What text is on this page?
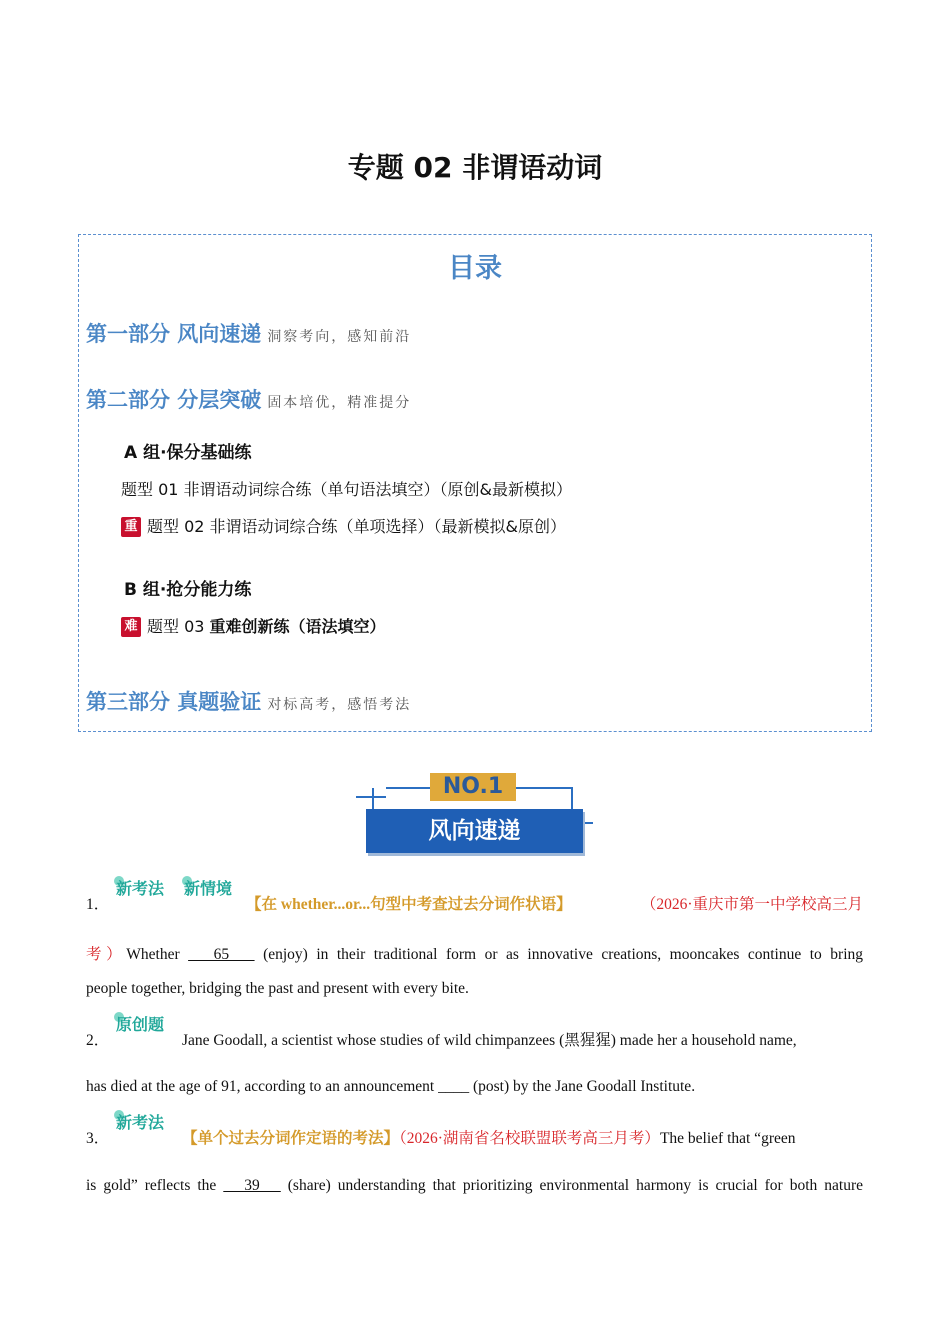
专题 02 非谓语动词
目录
第一部分 风向速递 洞察考向，感知前沿
第二部分 分层突破 固本培优，精准提分
A 组·保分基础练
题型 01 非谓语动词综合练（单句语法填空）（原创&最新模拟）
重 题型 02 非谓语动词综合练（单项选择）（最新模拟&原创）
B 组·抢分能力练
难 题型 03 重难创新练（语法填空）
第三部分 真题验证 对标高考，感悟考法
NO.1
风向速递
1．
新考法 新情境
【在 whether...or...句型中考查过去分词作状语】	（2026·重庆市第一中学校高三月
考）Whether    65    (enjoy) in their traditional form or as innovative creations, mooncakes continue to bring
people together, bridging the past and present with every bite.
2．
原创题
Jane Goodall, a scientist whose studies of wild chimpanzees (黑猩猩) made her a household name,
has died at the age of 91, according to an announcement ____ (post) by the Jane Goodall Institute.
3．
新考法
【单个过去分词作定语的考法】（2026·湖南省名校联盟联考高三月考）The belief that “green
is gold” reflects the    39    (share) understanding that prioritizing environmental harmony is crucial for both nature
